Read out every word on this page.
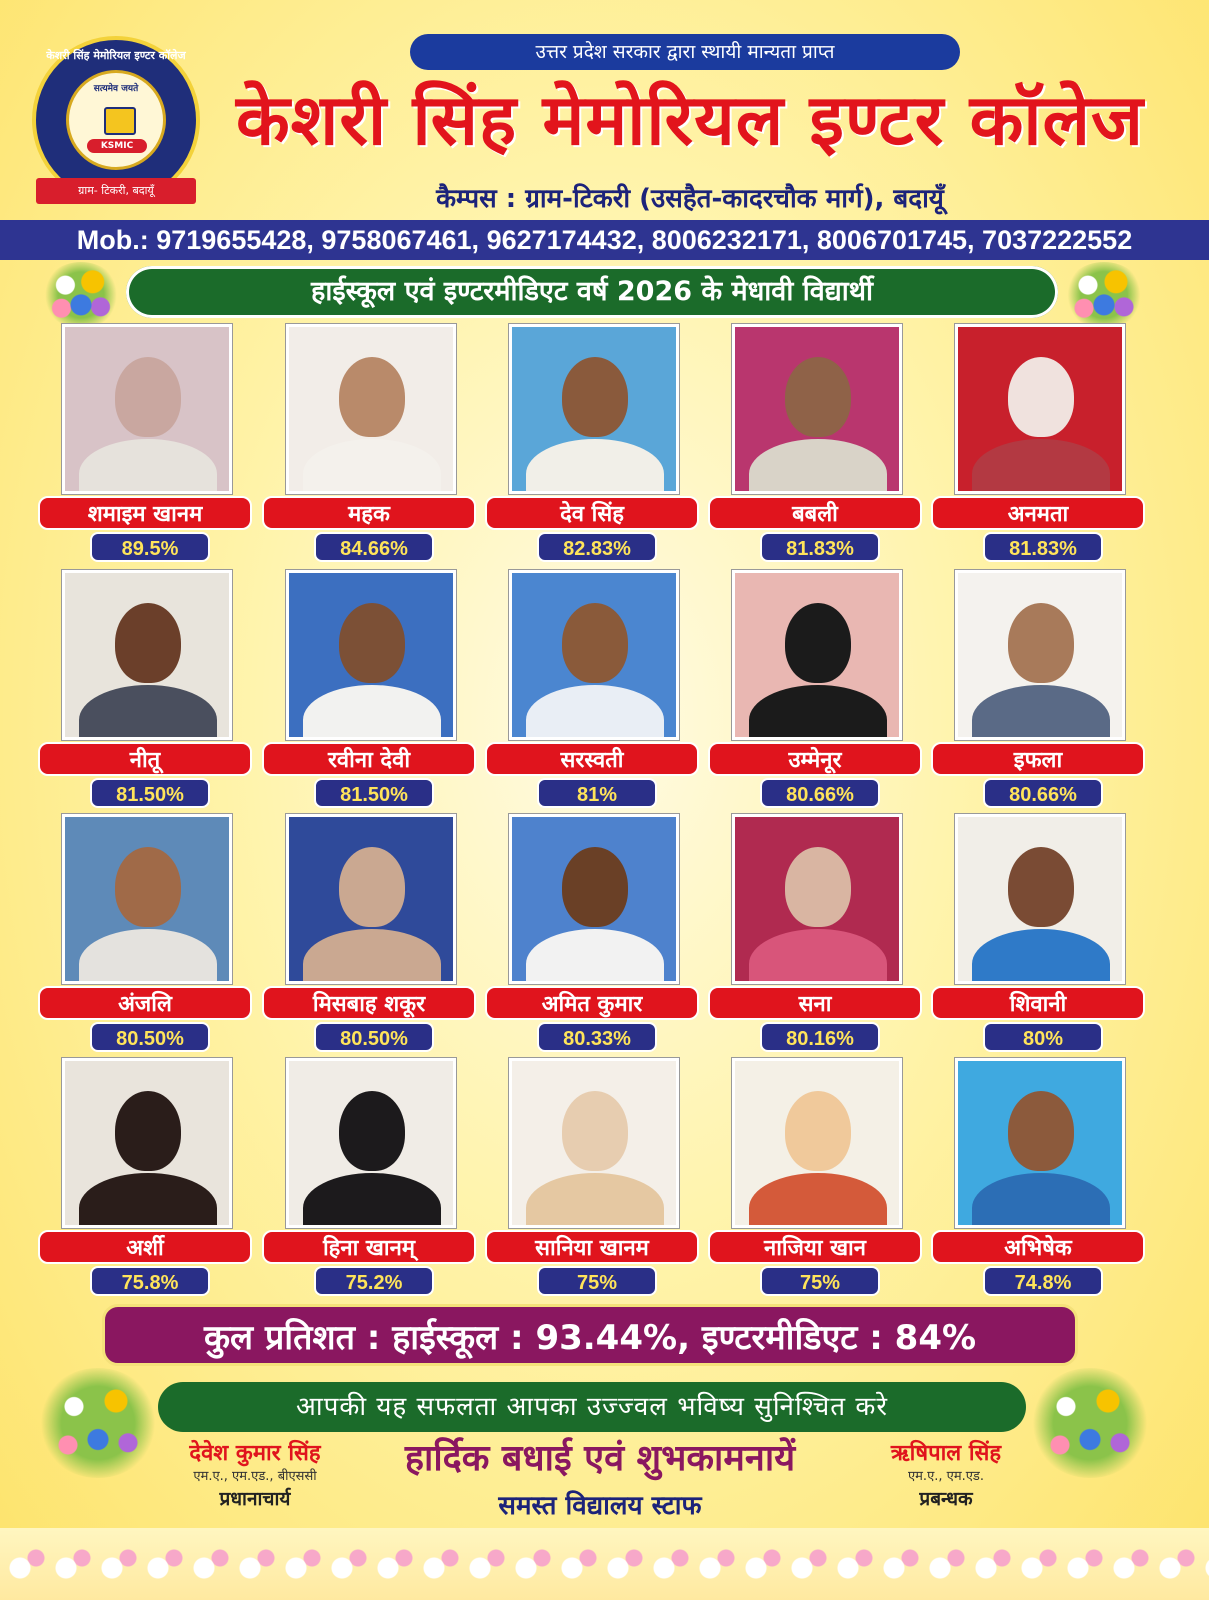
केशरी सिंह मेमोरियल इण्टर कॉलेज
सत्यमेव जयते
KSMIC
ग्राम- टिकरी, बदायूँ
उत्तर प्रदेश सरकार द्वारा स्थायी मान्यता प्राप्त
केशरी सिंह मेमोरियल इण्टर कॉलेज
कैम्पस : ग्राम-टिकरी (उसहैत-कादरचौक मार्ग), बदायूँ
Mob.: 9719655428, 9758067461, 9627174432, 8006232171, 8006701745, 7037222552
हाईस्कूल एवं इण्टरमीडिएट वर्ष 2026 के मेधावी विद्यार्थी
शमाइम खानम
89.5%
महक
84.66%
देव सिंह
82.83%
बबली
81.83%
अनमता
81.83%
नीतू
81.50%
रवीना देवी
81.50%
सरस्वती
81%
उम्मेनूर
80.66%
इफला
80.66%
अंजलि
80.50%
मिसबाह शकूर
80.50%
अमित कुमार
80.33%
सना
80.16%
शिवानी
80%
अर्शी
75.8%
हिना खानम्
75.2%
सानिया खानम
75%
नाजिया खान
75%
अभिषेक
74.8%
कुल प्रतिशत : हाईस्कूल : 93.44%, इण्टरमीडिएट : 84%
आपकी यह सफलता आपका उज्ज्वल भविष्य सुनिश्चित करे
देवेश कुमार सिंह
एम.ए., एम.एड., बीएससी
प्रधानाचार्य
हार्दिक बधाई एवं शुभकामनायें
समस्त विद्यालय स्टाफ
ऋषिपाल सिंह
एम.ए., एम.एड.
प्रबन्धक
